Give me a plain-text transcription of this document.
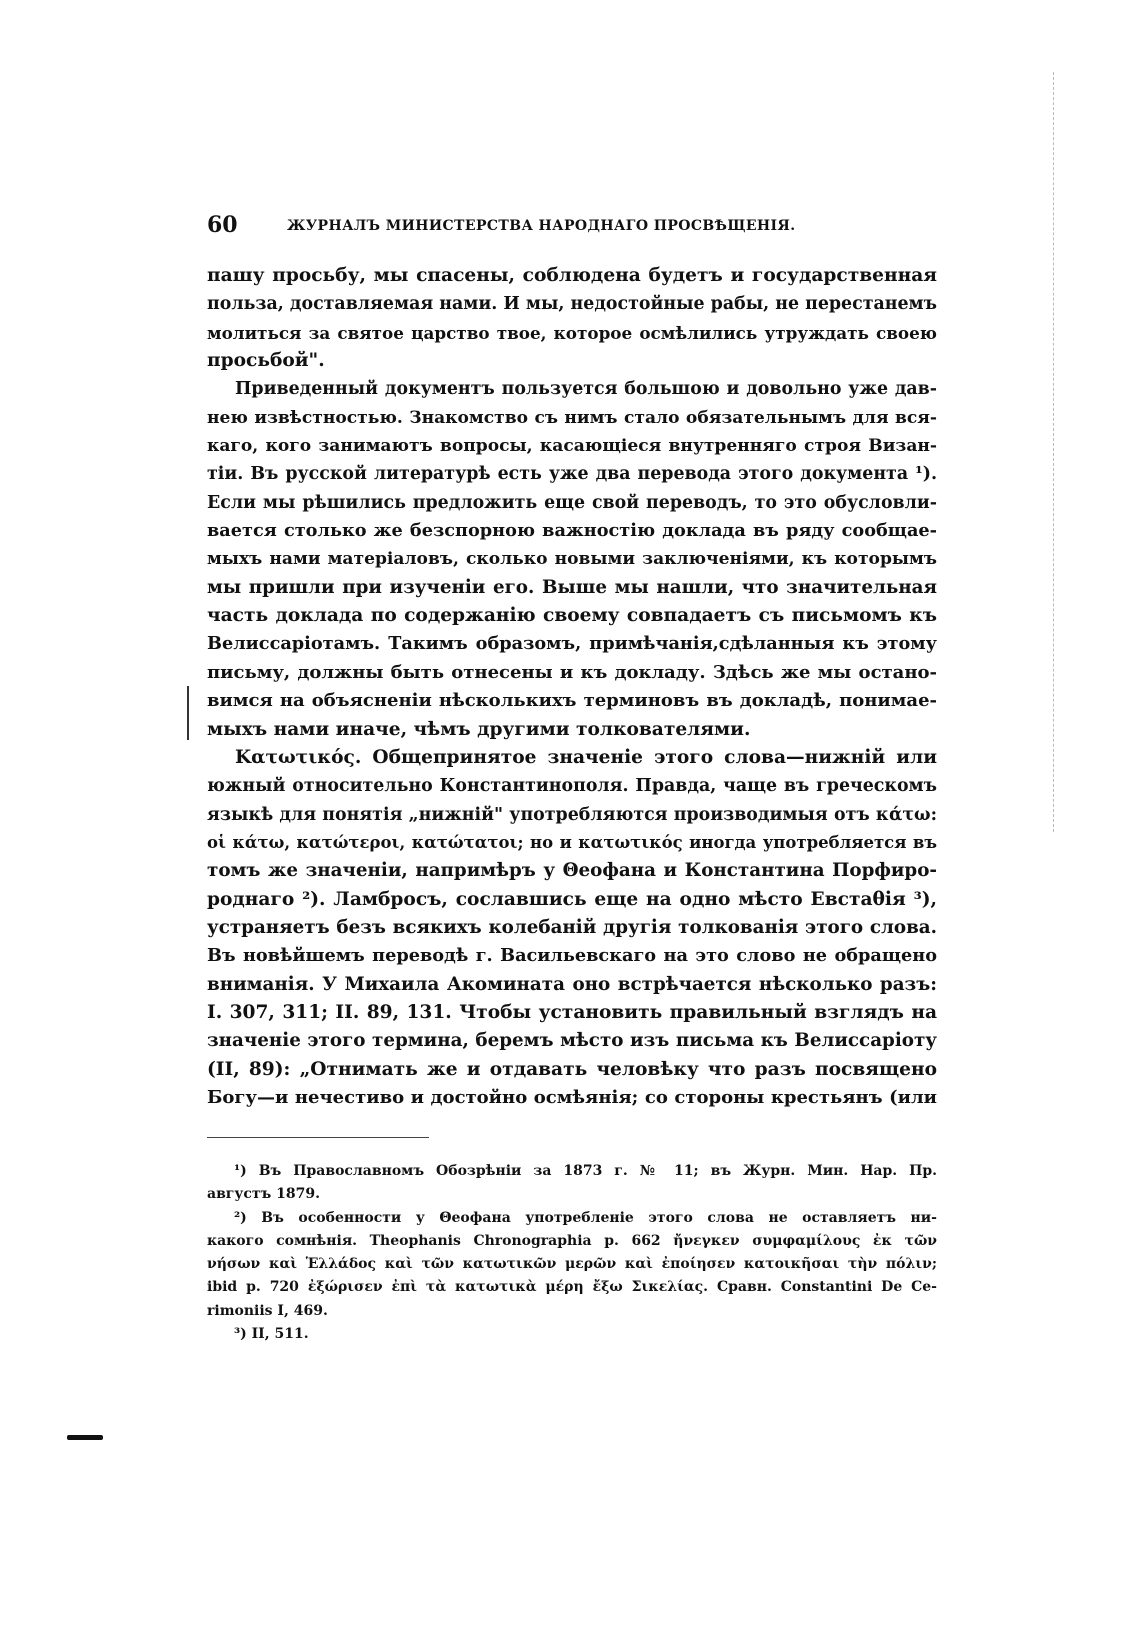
60	ЖУРНАЛЪ МИНИСТЕРСТВА НАРОДНАГО ПРОСВѢЩЕНІЯ.
пашу просьбу, мы спасены, соблюдена будетъ и государственная
польза, доставляемая нами. И мы, недостойные рабы, не перестанемъ
молиться за святое царство твое, которое осмѣлились утруждать своею
просьбой".
Приведенный документъ пользуется большою и довольно уже дав-
нею извѣстностью. Знакомство съ нимъ стало обязательнымъ для вся-
каго, кого занимаютъ вопросы, касающіеся внутренняго строя Визан-
тіи. Въ русской литературѣ есть уже два перевода этого документа ¹).
Если мы рѣшились предложить еще свой переводъ, то это обусловли-
вается столько же безспорною важностію доклада въ ряду сообщае-
мыхъ нами матеріаловъ, сколько новыми заключеніями, къ которымъ
мы пришли при изученіи его. Выше мы нашли, что значительная
часть доклада по содержанію своему совпадаетъ съ письмомъ къ
Велиссаріотамъ. Такимъ образомъ, примѣчанія,сдѣланныя къ этому
письму, должны быть отнесены и къ докладу. Здѣсь же мы остано-
вимся на объясненіи нѣсколькихъ терминовъ въ докладѣ, понимае-
мыхъ нами иначе, чѣмъ другими толкователями.
Κατωτικός. Общепринятое значеніе этого слова—нижній или
южный относительно Константинополя. Правда, чаще въ греческомъ
языкѣ для понятія „нижній" употребляются производимыя отъ κάτω:
οἱ κάτω, κατώτεροι, κατώτατοι; но и κατωτικός иногда употребляется въ
томъ же значеніи, напримѣръ у Θеофана и Константина Порфиро-
роднаго ²). Ламбросъ, сославшись еще на одно мѣсто Евстаθія ³),
устраняетъ безъ всякихъ колебаній другія толкованія этого слова.
Въ новѣйшемъ переводѣ г. Васильевскаго на это слово не обращено
вниманія. У Михаила Акомината оно встрѣчается нѣсколько разъ:
I. 307, 311; II. 89, 131. Чтобы установить правильный взглядъ на
значеніе этого термина, беремъ мѣсто изъ письма къ Велиссаріоту
(II, 89): „Отнимать же и отдавать человѣку что разъ посвящено
Богу—и нечестиво и достойно осмѣянія; со стороны крестьянъ (или
¹) Въ Православномъ Обозрѣніи за 1873 г. № 11; въ Журн. Мин. Нар. Пр.
августъ 1879.
²) Въ особенности у Θеофана употребленіе этого слова не оставляетъ ни-
какого сомнѣнія. Theophanis Chronographia p. 662 ἤνεγκεν συμφαμίλους ἐκ τῶν
νήσων καὶ Ἑλλάδος καὶ τῶν κατωτικῶν μερῶν καὶ ἐποίησεν κατοικῆσαι τὴν πόλιν;
ibid p. 720 ἐξώρισεν ἐπὶ τὰ κατωτικὰ μέρη ἔξω Σικελίας. Сравн. Constantini De Ce-
rimoniis I, 469.
³) II, 511.
